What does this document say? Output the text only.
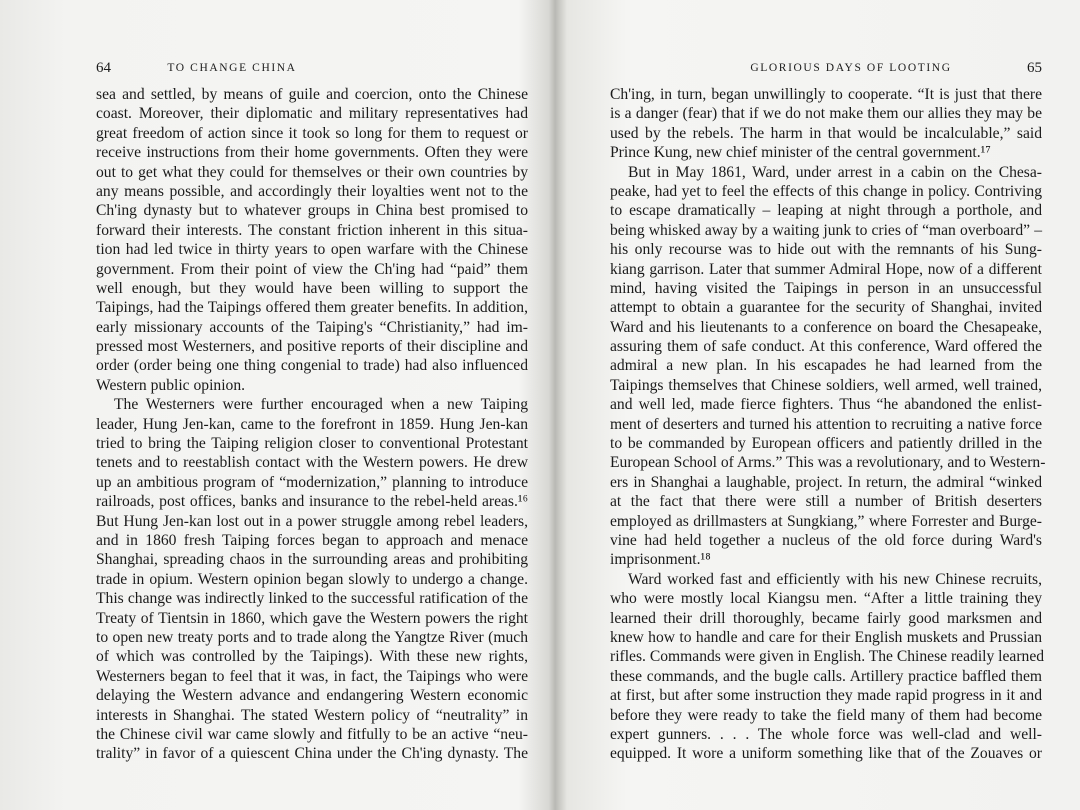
64	TO CHANGE CHINA
sea and settled, by means of guile and coercion, onto the Chinese
coast. Moreover, their diplomatic and military representatives had
great freedom of action since it took so long for them to request or
receive instructions from their home governments. Often they were
out to get what they could for themselves or their own countries by
any means possible, and accordingly their loyalties went not to the
Ch'ing dynasty but to whatever groups in China best promised to
forward their interests. The constant friction inherent in this situa-
tion had led twice in thirty years to open warfare with the Chinese
government. From their point of view the Ch'ing had “paid” them
well enough, but they would have been willing to support the
Taipings, had the Taipings offered them greater benefits. In addition,
early missionary accounts of the Taiping's “Christianity,” had im-
pressed most Westerners, and positive reports of their discipline and
order (order being one thing congenial to trade) had also influenced
Western public opinion.
The Westerners were further encouraged when a new Taiping
leader, Hung Jen-kan, came to the forefront in 1859. Hung Jen-kan
tried to bring the Taiping religion closer to conventional Protestant
tenets and to reestablish contact with the Western powers. He drew
up an ambitious program of “modernization,” planning to introduce
railroads, post offices, banks and insurance to the rebel-held areas.¹⁶
But Hung Jen-kan lost out in a power struggle among rebel leaders,
and in 1860 fresh Taiping forces began to approach and menace
Shanghai, spreading chaos in the surrounding areas and prohibiting
trade in opium. Western opinion began slowly to undergo a change.
This change was indirectly linked to the successful ratification of the
Treaty of Tientsin in 1860, which gave the Western powers the right
to open new treaty ports and to trade along the Yangtze River (much
of which was controlled by the Taipings). With these new rights,
Westerners began to feel that it was, in fact, the Taipings who were
delaying the Western advance and endangering Western economic
interests in Shanghai. The stated Western policy of “neutrality” in
the Chinese civil war came slowly and fitfully to be an active “neu-
trality” in favor of a quiescent China under the Ch'ing dynasty. The
GLORIOUS DAYS OF LOOTING	65
Ch'ing, in turn, began unwillingly to cooperate. “It is just that there
is a danger (fear) that if we do not make them our allies they may be
used by the rebels. The harm in that would be incalculable,” said
Prince Kung, new chief minister of the central government.¹⁷
But in May 1861, Ward, under arrest in a cabin on the Chesa-
peake, had yet to feel the effects of this change in policy. Contriving
to escape dramatically – leaping at night through a porthole, and
being whisked away by a waiting junk to cries of “man overboard” –
his only recourse was to hide out with the remnants of his Sung-
kiang garrison. Later that summer Admiral Hope, now of a different
mind, having visited the Taipings in person in an unsuccessful
attempt to obtain a guarantee for the security of Shanghai, invited
Ward and his lieutenants to a conference on board the Chesapeake,
assuring them of safe conduct. At this conference, Ward offered the
admiral a new plan. In his escapades he had learned from the
Taipings themselves that Chinese soldiers, well armed, well trained,
and well led, made fierce fighters. Thus “he abandoned the enlist-
ment of deserters and turned his attention to recruiting a native force
to be commanded by European officers and patiently drilled in the
European School of Arms.” This was a revolutionary, and to Western-
ers in Shanghai a laughable, project. In return, the admiral “winked
at the fact that there were still a number of British deserters
employed as drillmasters at Sungkiang,” where Forrester and Burge-
vine had held together a nucleus of the old force during Ward's
imprisonment.¹⁸
Ward worked fast and efficiently with his new Chinese recruits,
who were mostly local Kiangsu men. “After a little training they
learned their drill thoroughly, became fairly good marksmen and
knew how to handle and care for their English muskets and Prussian
rifles. Commands were given in English. The Chinese readily learned
these commands, and the bugle calls. Artillery practice baffled them
at first, but after some instruction they made rapid progress in it and
before they were ready to take the field many of them had become
expert gunners. . . . The whole force was well-clad and well-
equipped. It wore a uniform something like that of the Zouaves or
